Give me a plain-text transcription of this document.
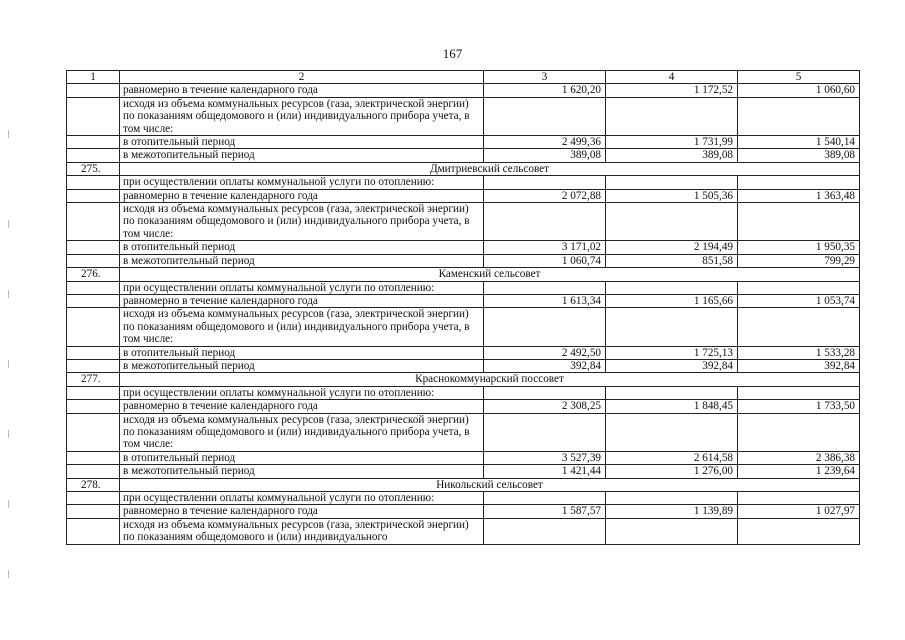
167
1	2	3	4	5
	равномерно в течение календарного года	1 620,20	1 172,52	1 060,60
	исходя из объема коммунальных ресурсов (газа, электрической энергии) по показаниям общедомового и (или) индивидуального прибора учета, в том числе:			
	в отопительный период	2 499,36	1 731,99	1 540,14
	в межотопительный период	389,08	389,08	389,08
275.	Дмитриевский сельсовет			
	при осуществлении оплаты коммунальной услуги по отоплению:			
	равномерно в течение календарного года	2 072,88	1 505,36	1 363,48
	исходя из объема коммунальных ресурсов (газа, электрической энергии) по показаниям общедомового и (или) индивидуального прибора учета, в том числе:			
	в отопительный период	3 171,02	2 194,49	1 950,35
	в межотопительный период	1 060,74	851,58	799,29
276.	Каменский сельсовет			
	при осуществлении оплаты коммунальной услуги по отоплению:			
	равномерно в течение календарного года	1 613,34	1 165,66	1 053,74
	исходя из объема коммунальных ресурсов (газа, электрической энергии) по показаниям общедомового и (или) индивидуального прибора учета, в том числе:			
	в отопительный период	2 492,50	1 725,13	1 533,28
	в межотопительный период	392,84	392,84	392,84
277.	Краснокоммунарский поссовет			
	при осуществлении оплаты коммунальной услуги по отоплению:			
	равномерно в течение календарного года	2 308,25	1 848,45	1 733,50
	исходя из объема коммунальных ресурсов (газа, электрической энергии) по показаниям общедомового и (или) индивидуального прибора учета, в том числе:			
	в отопительный период	3 527,39	2 614,58	2 386,38
	в межотопительный период	1 421,44	1 276,00	1 239,64
278.	Никольский сельсовет			
	при осуществлении оплаты коммунальной услуги по отоплению:			
	равномерно в течение календарного года	1 587,57	1 139,89	1 027,97
	исходя из объема коммунальных ресурсов (газа, электрической энергии) по показаниям общедомового и (или) индивидуального			
